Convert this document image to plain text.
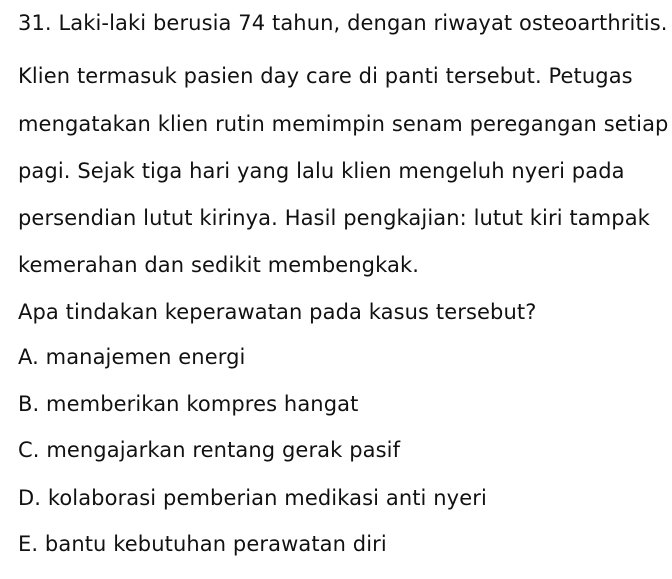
31. Laki-laki berusia 74 tahun, dengan riwayat osteoarthritis.
Klien termasuk pasien day care di panti tersebut. Petugas
mengatakan klien rutin memimpin senam peregangan setiap
pagi. Sejak tiga hari yang lalu klien mengeluh nyeri pada
persendian lutut kirinya. Hasil pengkajian: lutut kiri tampak
kemerahan dan sedikit membengkak.
Apa tindakan keperawatan pada kasus tersebut?
A. manajemen energi
B. memberikan kompres hangat
C. mengajarkan rentang gerak pasif
D. kolaborasi pemberian medikasi anti nyeri
E. bantu kebutuhan perawatan diri
